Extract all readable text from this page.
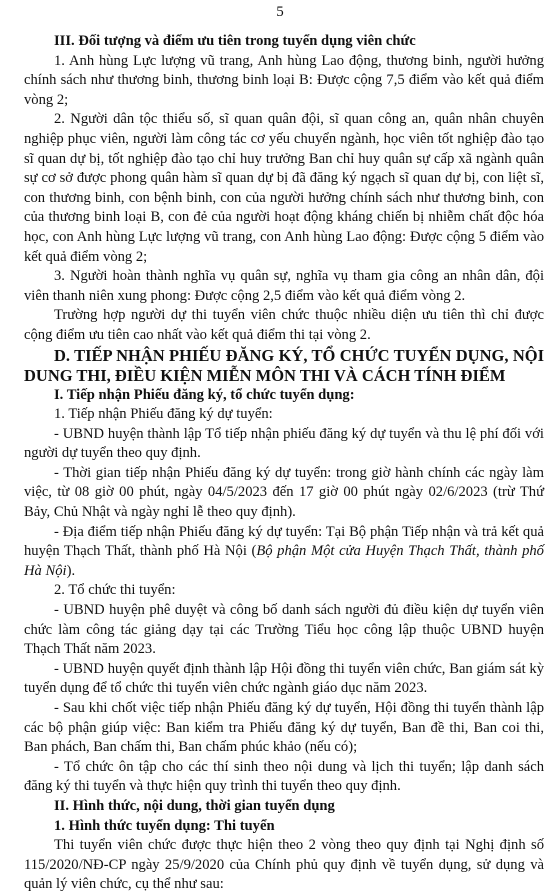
5

III. Đối tượng và điểm ưu tiên trong tuyển dụng viên chức

1. Anh hùng Lực lượng vũ trang, Anh hùng Lao động, thương binh, người hưởng chính sách như thương binh, thương binh loại B: Được cộng 7,5 điểm vào kết quả điểm vòng 2;

2. Người dân tộc thiểu số, sĩ quan quân đội, sĩ quan công an, quân nhân chuyên nghiệp phục viên, người làm công tác cơ yếu chuyển ngành, học viên tốt nghiệp đào tạo sĩ quan dự bị, tốt nghiệp đào tạo chỉ huy trưởng Ban chỉ huy quân sự cấp xã ngành quân sự cơ sở được phong quân hàm sĩ quan dự bị đã đăng ký ngạch sĩ quan dự bị, con liệt sĩ, con thương binh, con bệnh binh, con của người hưởng chính sách như thương binh, con của thương binh loại B, con đẻ của người hoạt động kháng chiến bị nhiễm chất độc hóa học, con Anh hùng Lực lượng vũ trang, con Anh hùng Lao động: Được cộng 5 điểm vào kết quả điểm vòng 2;

3. Người hoàn thành nghĩa vụ quân sự, nghĩa vụ tham gia công an nhân dân, đội viên thanh niên xung phong: Được cộng 2,5 điểm vào kết quả điểm vòng 2.

Trường hợp người dự thi tuyển viên chức thuộc nhiều diện ưu tiên thì chỉ được cộng điểm ưu tiên cao nhất vào kết quả điểm thi tại vòng 2.

D. TIẾP NHẬN PHIẾU ĐĂNG KÝ, TỔ CHỨC TUYỂN DỤNG, NỘI DUNG THI, ĐIỀU KIỆN MIỄN MÔN THI VÀ CÁCH TÍNH ĐIỂM

I. Tiếp nhận Phiếu đăng ký, tổ chức tuyển dụng:

1. Tiếp nhận Phiếu đăng ký dự tuyển:

- UBND huyện thành lập Tổ tiếp nhận phiếu đăng ký dự tuyển và thu lệ phí đối với người dự tuyển theo quy định.

- Thời gian tiếp nhận Phiếu đăng ký dự tuyển: trong giờ hành chính các ngày làm việc, từ 08 giờ 00 phút, ngày 04/5/2023 đến 17 giờ 00 phút ngày 02/6/2023 (trừ Thứ Bảy, Chủ Nhật và ngày nghỉ lễ theo quy định).

- Địa điểm tiếp nhận Phiếu đăng ký dự tuyển: Tại Bộ phận Tiếp nhận và trả kết quả huyện Thạch Thất, thành phố Hà Nội (Bộ phận Một cửa Huyện Thạch Thất, thành phố Hà Nội).

2. Tổ chức thi tuyển:

- UBND huyện phê duyệt và công bố danh sách người đủ điều kiện dự tuyển viên chức làm công tác giảng dạy tại các Trường Tiểu học công lập thuộc UBND huyện Thạch Thất năm 2023.

- UBND huyện quyết định thành lập Hội đồng thi tuyển viên chức, Ban giám sát kỳ tuyển dụng để tổ chức thi tuyển viên chức ngành giáo dục năm 2023.

- Sau khi chốt việc tiếp nhận Phiếu đăng ký dự tuyển, Hội đồng thi tuyển thành lập các bộ phận giúp việc: Ban kiểm tra Phiếu đăng ký dự tuyển, Ban đề thi, Ban coi thi, Ban phách, Ban chấm thi, Ban chấm phúc khảo (nếu có);

- Tổ chức ôn tập cho các thí sinh theo nội dung và lịch thi tuyển; lập danh sách đăng ký thi tuyển và thực hiện quy trình thi tuyển theo quy định.

II. Hình thức, nội dung, thời gian tuyển dụng

1. Hình thức tuyển dụng: Thi tuyển

Thi tuyển viên chức được thực hiện theo 2 vòng theo quy định tại Nghị định số 115/2020/NĐ-CP ngày 25/9/2020 của Chính phủ quy định về tuyển dụng, sử dụng và quản lý viên chức, cụ thể như sau:
